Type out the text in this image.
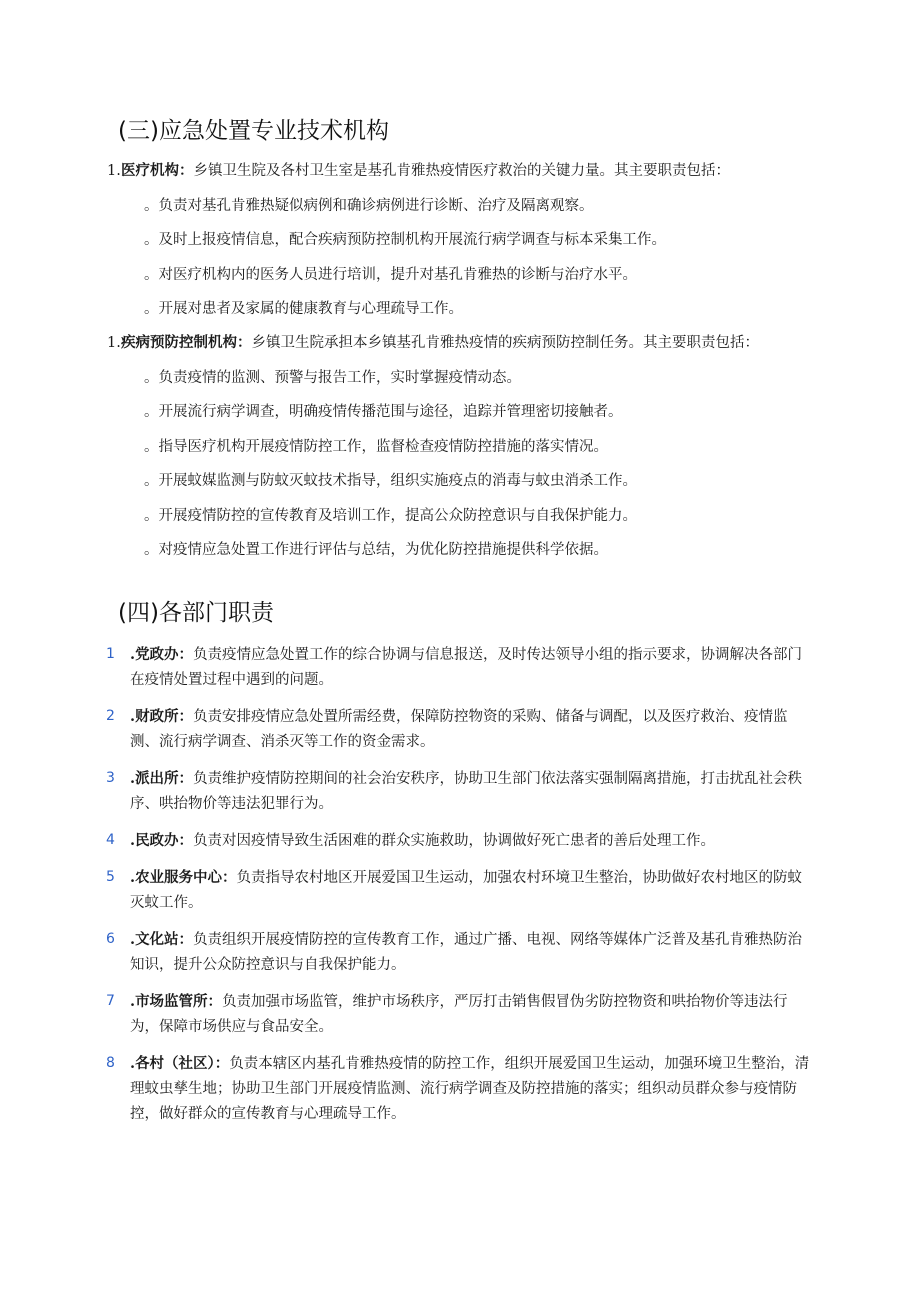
(三)应急处置专业技术机构
1.医疗机构：乡镇卫生院及各村卫生室是基孔肯雅热疫情医疗救治的关键力量。其主要职责包括：
。负责对基孔肯雅热疑似病例和确诊病例进行诊断、治疗及隔离观察。
。及时上报疫情信息，配合疾病预防控制机构开展流行病学调查与标本采集工作。
。对医疗机构内的医务人员进行培训，提升对基孔肯雅热的诊断与治疗水平。
。开展对患者及家属的健康教育与心理疏导工作。
1.疾病预防控制机构：乡镇卫生院承担本乡镇基孔肯雅热疫情的疾病预防控制任务。其主要职责包括：
。负责疫情的监测、预警与报告工作，实时掌握疫情动态。
。开展流行病学调查，明确疫情传播范围与途径，追踪并管理密切接触者。
。指导医疗机构开展疫情防控工作，监督检查疫情防控措施的落实情况。
。开展蚊媒监测与防蚊灭蚊技术指导，组织实施疫点的消毒与蚊虫消杀工作。
。开展疫情防控的宣传教育及培训工作，提高公众防控意识与自我保护能力。
。对疫情应急处置工作进行评估与总结，为优化防控措施提供科学依据。
(四)各部门职责
1 .党政办：负责疫情应急处置工作的综合协调与信息报送，及时传达领导小组的指示要求，协调解决各部门在疫情处置过程中遇到的问题。
2 .财政所：负责安排疫情应急处置所需经费，保障防控物资的采购、储备与调配，以及医疗救治、疫情监测、流行病学调查、消杀灭等工作的资金需求。
3 .派出所：负责维护疫情防控期间的社会治安秩序，协助卫生部门依法落实强制隔离措施，打击扰乱社会秩序、哄抬物价等违法犯罪行为。
4 .民政办：负责对因疫情导致生活困难的群众实施救助，协调做好死亡患者的善后处理工作。
5 .农业服务中心：负责指导农村地区开展爱国卫生运动，加强农村环境卫生整治，协助做好农村地区的防蚊灭蚊工作。
6 .文化站：负责组织开展疫情防控的宣传教育工作，通过广播、电视、网络等媒体广泛普及基孔肯雅热防治知识，提升公众防控意识与自我保护能力。
7 .市场监管所：负责加强市场监管，维护市场秩序，严厉打击销售假冒伪劣防控物资和哄抬物价等违法行为，保障市场供应与食品安全。
8 .各村（社区）：负责本辖区内基孔肯雅热疫情的防控工作，组织开展爱国卫生运动，加强环境卫生整治，清理蚊虫孳生地；协助卫生部门开展疫情监测、流行病学调查及防控措施的落实；组织动员群众参与疫情防控，做好群众的宣传教育与心理疏导工作。
